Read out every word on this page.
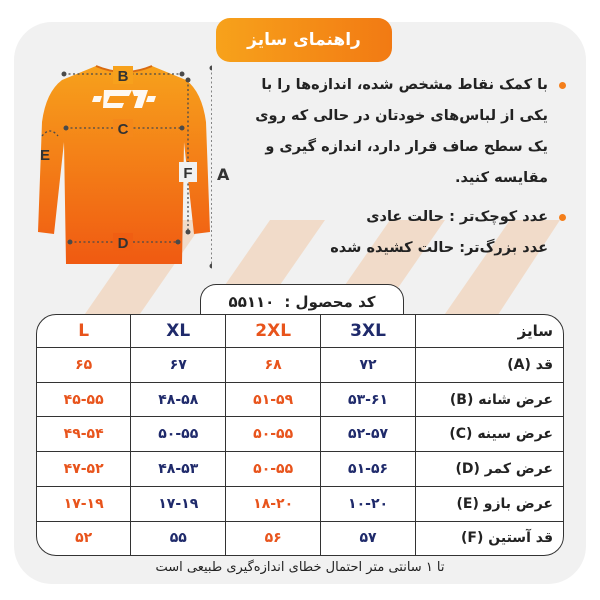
راهنمای سایز
B
C
D
E
F A
با کمک نقاط مشخص شده، اندازه‌ها را با یکی از لباس‌های خودتان در حالی که روی یک سطح صاف قرار دارد، اندازه گیری و مقایسه کنید.
عدد کوچک‌تر : حالت عادی
عدد بزرگ‌تر: حالت کشیده شده
کد محصول :
۵۵۱۱۰
سایز	3XL	2XL	XL	L
قد (A)	۷۲	۶۸	۶۷	۶۵
عرض شانه (B)	۵۳-۶۱	۵۱-۵۹	۴۸-۵۸	۴۵-۵۵
عرض سینه (C)	۵۲-۵۷	۵۰-۵۵	۵۰-۵۵	۴۹-۵۴
عرض کمر (D)	۵۱-۵۶	۵۰-۵۵	۴۸-۵۳	۴۷-۵۲
عرض بازو (E)	۱۰-۲۰	۱۸-۲۰	۱۷-۱۹	۱۷-۱۹
قد آستین (F)	۵۷	۵۶	۵۵	۵۲
تا ۱ سانتی متر احتمال خطای اندازه‌گیری طبیعی است
